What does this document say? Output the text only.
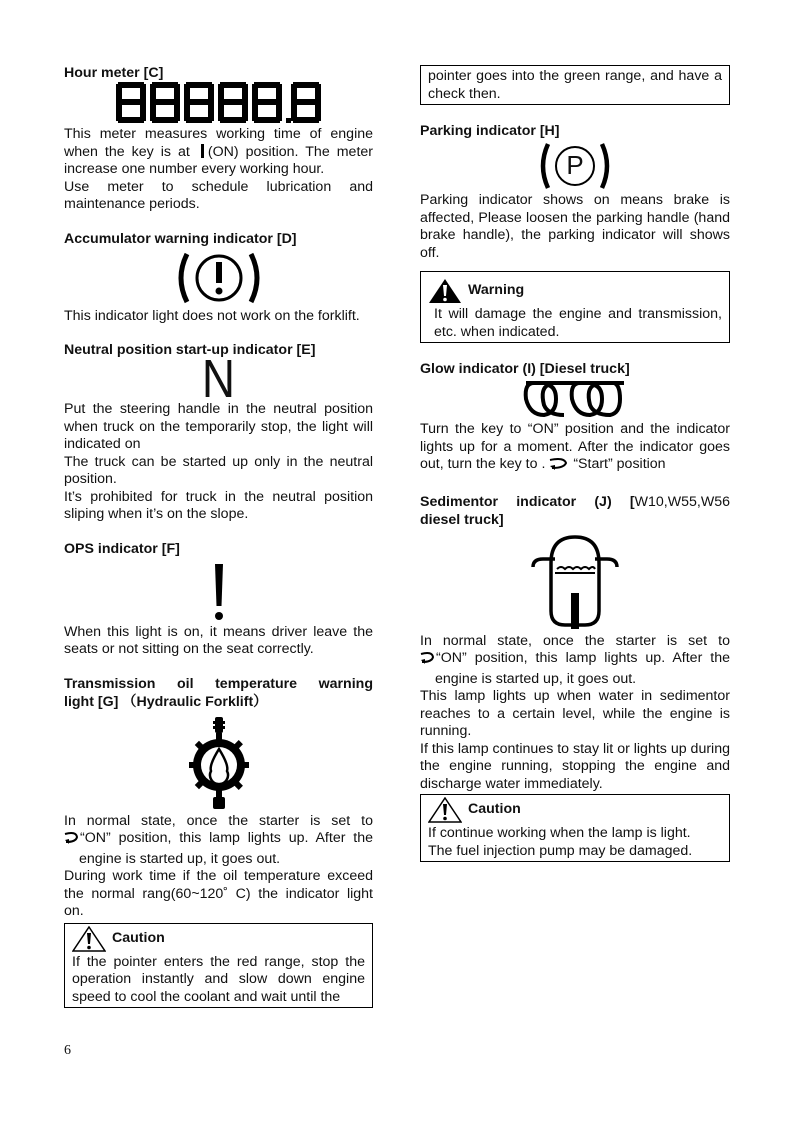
Hour meter [C]

This meter measures working time of engine

when the key is at (ON) position. The meter

increase one number every working hour.

Use meter to schedule lubrication and

maintenance periods.

Accumulator warning indicator [D]

This indicator light does not work on the forklift.

Neutral position start-up indicator [E]
N

Put the steering handle in the neutral position when truck on the temporarily stop, the light will indicated on

The truck can be started up only in the neutral position.

It’s prohibited for truck in the neutral position sliping when it’s on the slope.

OPS indicator [F]

When this light is on, it means driver leave the seats or not sitting on the seat correctly.

Transmission oil temperature warning
light [G] （Hydraulic Forklift）

In normal state, once the starter is set to

“ON” position, this lamp lights up. After the

engine is started up, it goes out.

During work time if the oil temperature exceed the normal rang(60~120˚ C) the indicator light on.

Caution

If the pointer enters the red range, stop the operation instantly and slow down engine speed to cool the coolant and wait until the

pointer goes into the green range, and have a check then.

Parking indicator [H]
P

Parking indicator shows on means brake is affected, Please loosen the parking handle (hand brake handle), the parking indicator will shows off.

Warning

It will damage the engine and transmission, etc. when indicated.

Glow indicator (I) [Diesel truck]

Turn the key to “ON” position and the indicator lights up for a moment. After the indicator goes out, turn the key to . “Start” position

Sedimentor indicator (J) [W10,W55,W56
diesel truck]

In normal state, once the starter is set to

“ON” position, this lamp lights up. After the

engine is started up, it goes out.

This lamp lights up when water in sedimentor reaches to a certain level, while the engine is running.

If this lamp continues to stay lit or lights up during the engine running, stopping the engine and discharge water immediately.

Caution

If continue working when the lamp is light.

The fuel injection pump may be damaged.

6
